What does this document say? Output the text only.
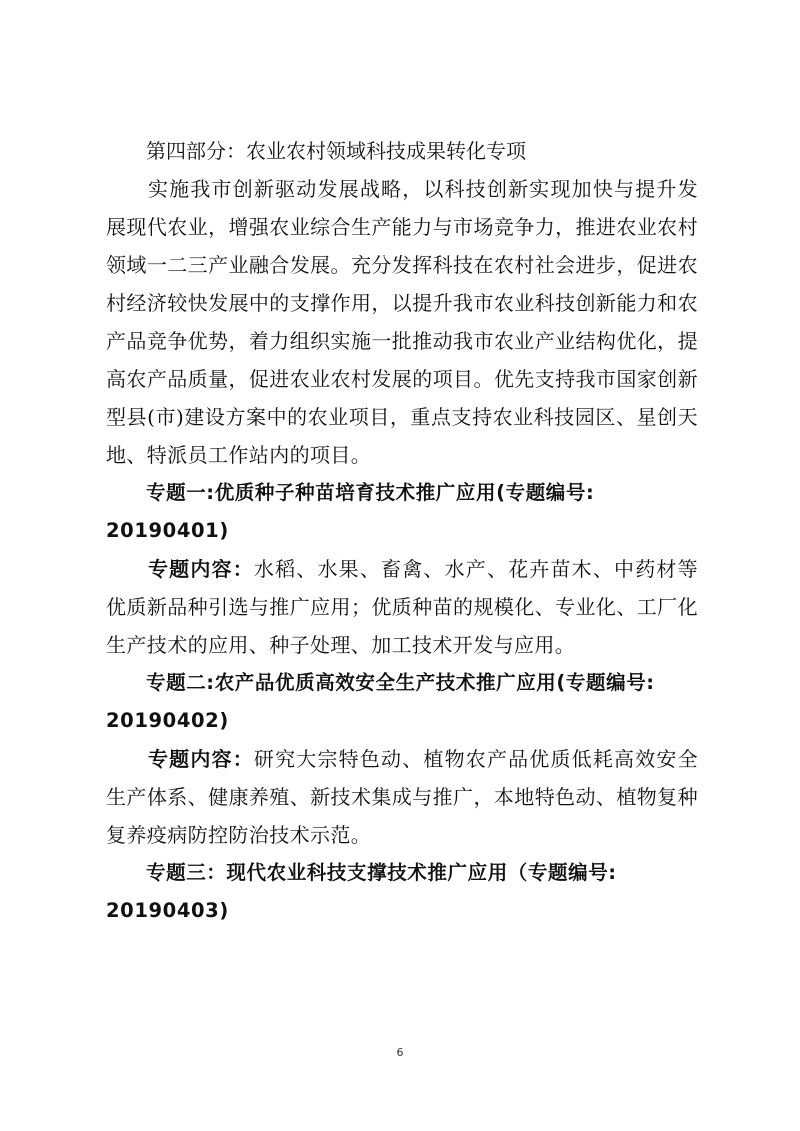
第四部分：农业农村领域科技成果转化专项

实施我市创新驱动发展战略，以科技创新实现加快与提升发展现代农业，增强农业综合生产能力与市场竞争力，推进农业农村领域一二三产业融合发展。充分发挥科技在农村社会进步，促进农村经济较快发展中的支撑作用，以提升我市农业科技创新能力和农产品竞争优势，着力组织实施一批推动我市农业产业结构优化，提高农产品质量，促进农业农村发展的项目。优先支持我市国家创新型县(市)建设方案中的农业项目，重点支持农业科技园区、星创天地、特派员工作站内的项目。

专题一:优质种子种苗培育技术推广应用(专题编号:
20190401)

专题内容：水稻、水果、畜禽、水产、花卉苗木、中药材等优质新品种引选与推广应用；优质种苗的规模化、专业化、工厂化生产技术的应用、种子处理、加工技术开发与应用。

专题二:农产品优质高效安全生产技术推广应用(专题编号:
20190402)

专题内容：研究大宗特色动、植物农产品优质低耗高效安全生产体系、健康养殖、新技术集成与推广，本地特色动、植物复种复养疫病防控防治技术示范。

专题三：现代农业科技支撑技术推广应用（专题编号:
20190403)

6
